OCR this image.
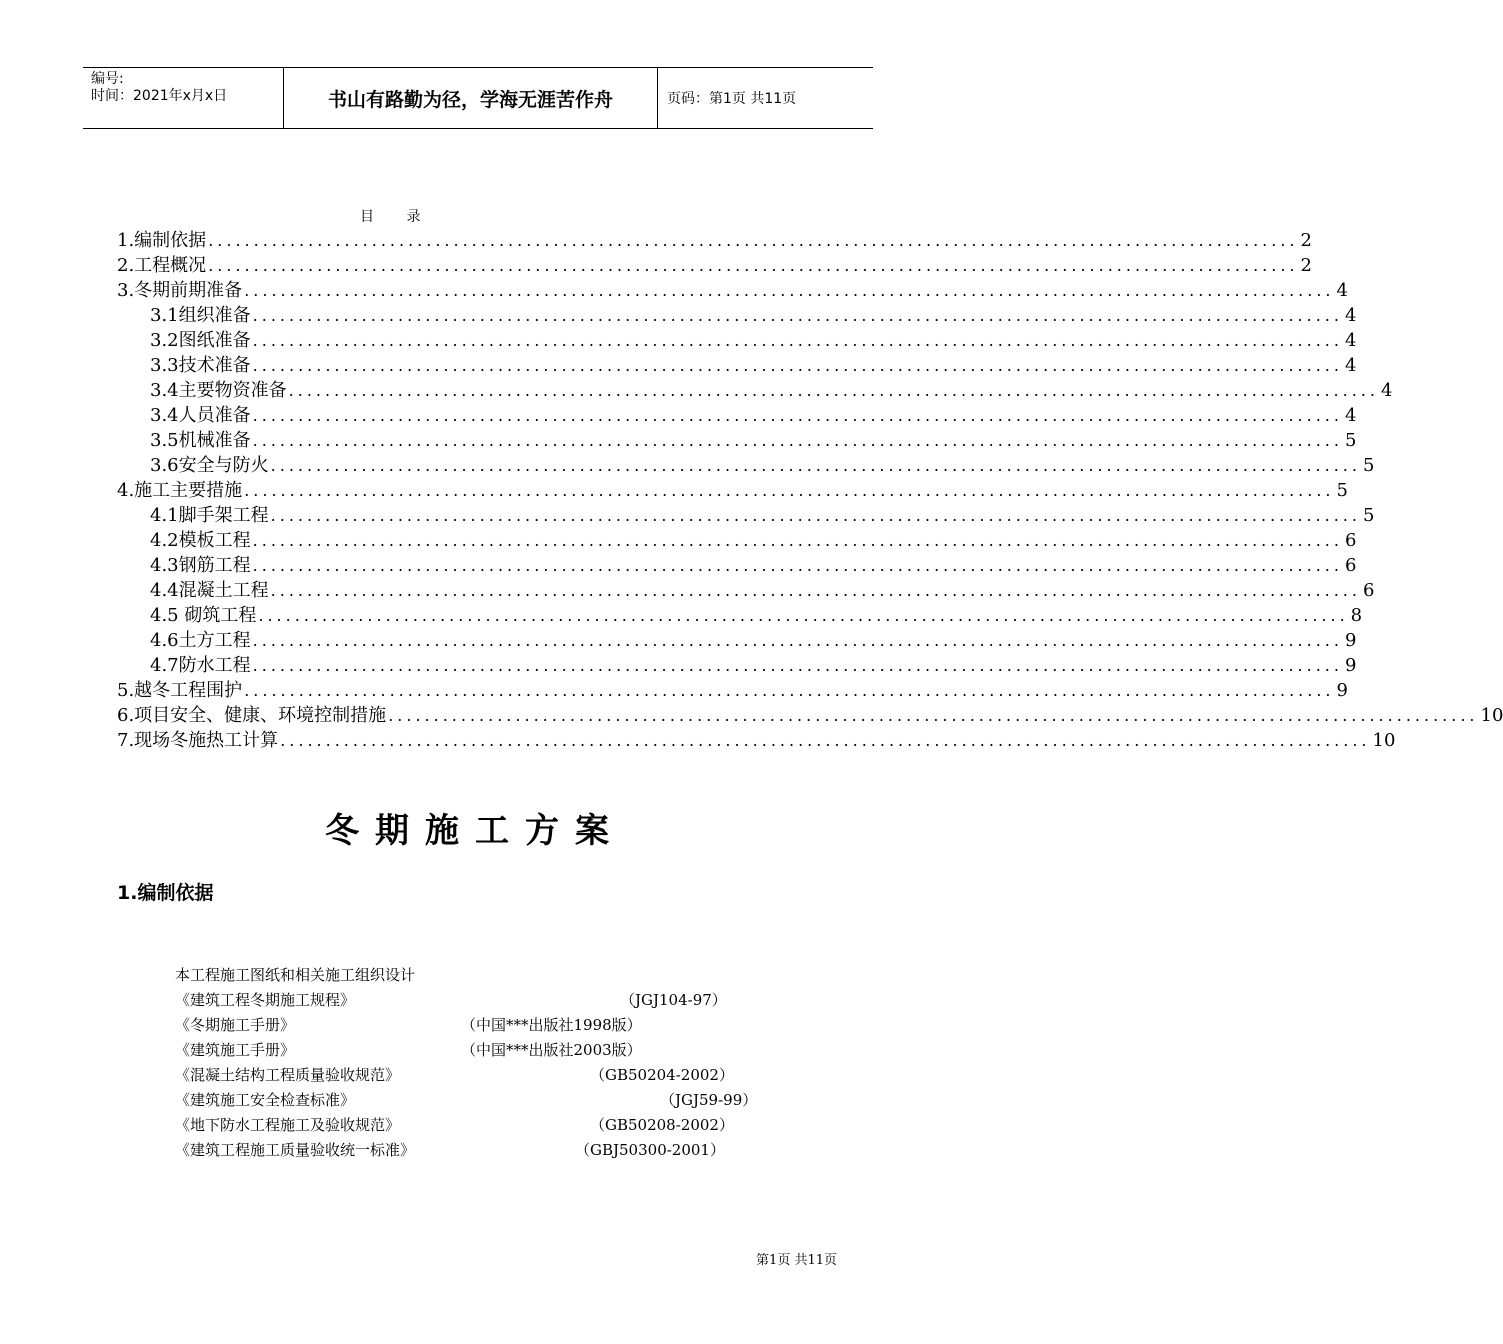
编号:
时间：2021年x月x日	书山有路勤为径，学海无涯苦作舟	页码：第1页 共11页
目 录
1.编制依据 ........................................................................................................................ 2
2.工程概况 ........................................................................................................................ 2
3.冬期前期准备 ........................................................................................................................ 4
3.1组织准备 ........................................................................................................................ 4
3.2图纸准备 ........................................................................................................................ 4
3.3技术准备 ........................................................................................................................ 4
3.4主要物资准备 ........................................................................................................................ 4
3.4人员准备 ........................................................................................................................ 4
3.5机械准备 ........................................................................................................................ 5
3.6安全与防火 ........................................................................................................................ 5
4.施工主要措施 ........................................................................................................................ 5
4.1脚手架工程 ........................................................................................................................ 5
4.2模板工程 ........................................................................................................................ 6
4.3钢筋工程 ........................................................................................................................ 6
4.4混凝土工程 ........................................................................................................................ 6
4.5 砌筑工程 ........................................................................................................................ 8
4.6土方工程 ........................................................................................................................ 9
4.7防水工程 ........................................................................................................................ 9
5.越冬工程围护 ........................................................................................................................ 9
6.项目安全、健康、环境控制措施 ........................................................................................................................ 10
7.现场冬施热工计算 ........................................................................................................................ 10
冬期施工方案
1.编制依据
本工程施工图纸和相关施工组织设计
《建筑工程冬期施工规程》	（JGJ104-97）
《冬期施工手册》	（中国***出版社1998版）
《建筑施工手册》	（中国***出版社2003版）
《混凝土结构工程质量验收规范》	（GB50204-2002）
《建筑施工安全检查标准》	（JGJ59-99）
《地下防水工程施工及验收规范》	（GB50208-2002）
《建筑工程施工质量验收统一标准》	（GBJ50300-2001）
第1页 共11页
